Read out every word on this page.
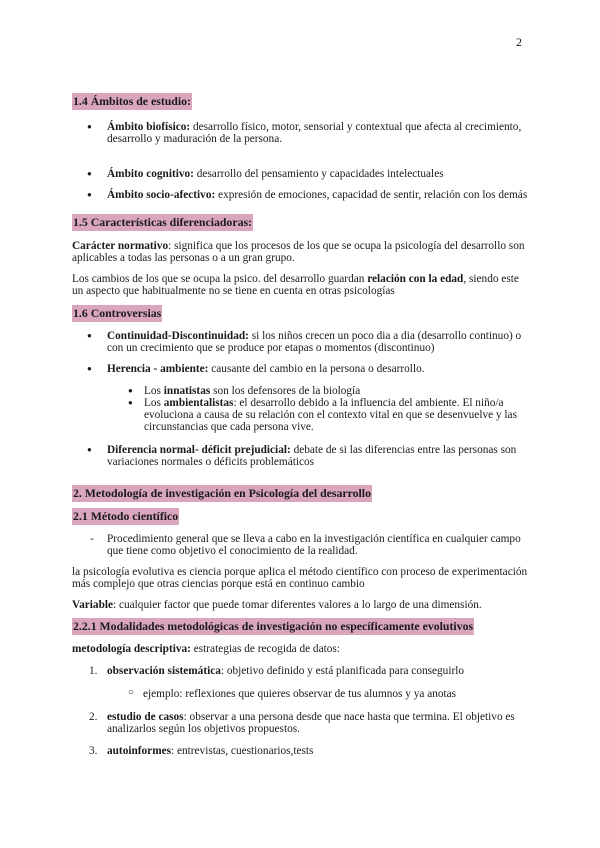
2
1.4 Ámbitos de estudio:

● Ámbito biofísico: desarrollo físico, motor, sensorial y contextual que afecta al crecimiento, desarrollo y maduración de la persona.

● Ámbito cognitivo: desarrollo del pensamiento y capacidades intelectuales

● Ámbito socio-afectivo: expresión de emociones, capacidad de sentir, relación con los demás

1.5 Características diferenciadoras:

Carácter normativo: significa que los procesos de los que se ocupa la psicología del desarrollo son aplicables a todas las personas o a un gran grupo.

Los cambios de los que se ocupa la psico. del desarrollo guardan relación con la edad, siendo este un aspecto que habitualmente no se tiene en cuenta en otras psicologías

1.6 Controversias

● Continuidad-Discontinuidad: si los niños crecen un poco dia a dia (desarrollo continuo) o con un crecimiento que se produce por etapas o momentos (discontinuo)

● Herencia - ambiente: causante del cambio en la persona o desarrollo.

● Los innatistas son los defensores de la biología

● Los ambientalistas: el desarrollo debido a la influencia del ambiente. El niño/a evoluciona a causa de su relación con el contexto vital en que se desenvuelve y las circunstancias que cada persona vive.

● Diferencia normal- déficit prejudicial: debate de si las diferencias entre las personas son variaciones normales o déficits problemáticos

2. Metodología de investigación en Psicología del desarrollo
2.1 Método científico

- Procedimiento general que se lleva a cabo en la investigación científica en cualquier campo que tiene como objetivo el conocimiento de la realidad.

la psicología evolutiva es ciencia porque aplica el método científico con proceso de experimentación más complejo que otras ciencias porque está en continuo cambio

Variable: cualquier factor que puede tomar diferentes valores a lo largo de una dimensión.

2.2.1 Modalidades metodológicas de investigación no específicamente evolutivos

metodología descriptiva: estrategias de recogida de datos:

1. observación sistemática: objetivo definido y está planificada para conseguirlo

○ ejemplo: reflexiones que quieres observar de tus alumnos y ya anotas

2. estudio de casos: observar a una persona desde que nace hasta que termina. El objetivo es analizarlos según los objetivos propuestos.

3. autoinformes: entrevistas, cuestionarios,tests
